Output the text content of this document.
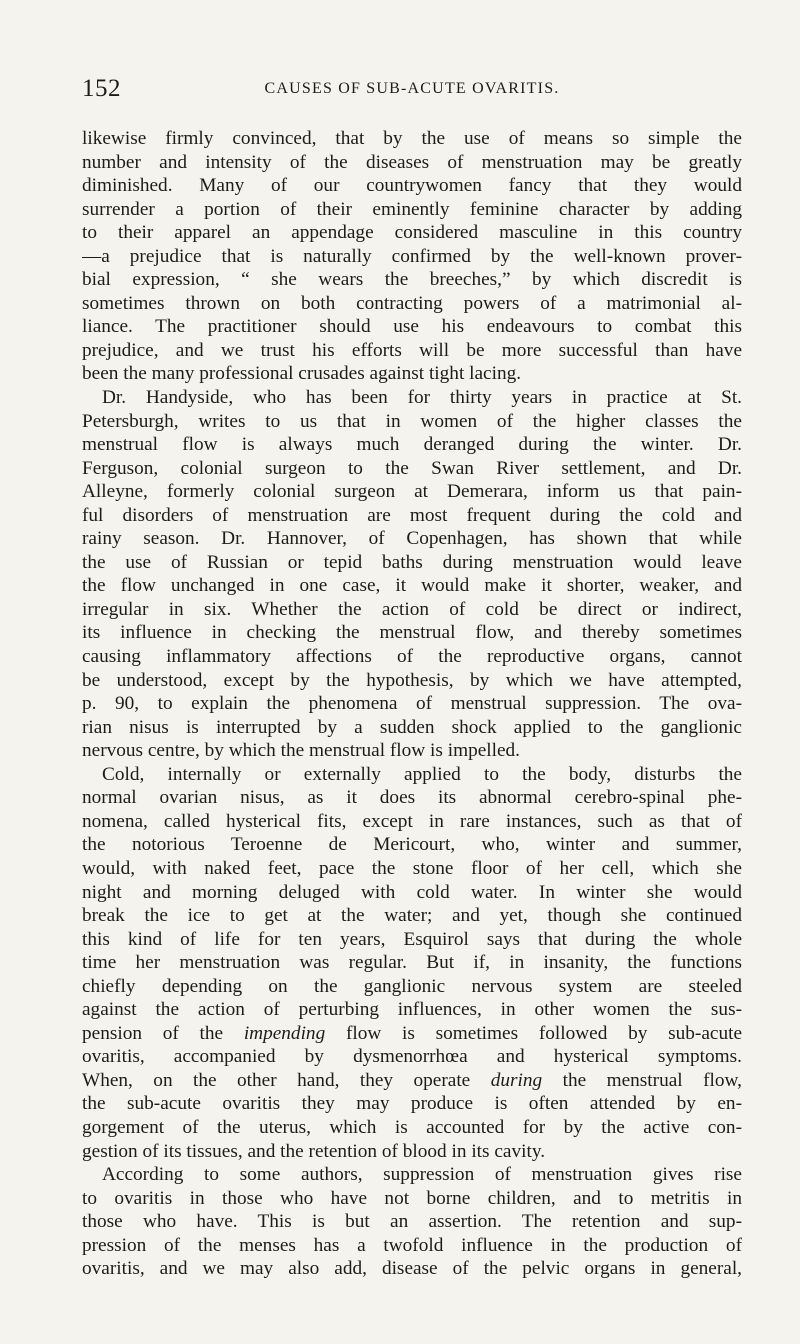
152	CAUSES OF SUB-ACUTE OVARITIS.
likewise firmly convinced, that by the use of means so simple the
number and intensity of the diseases of menstruation may be greatly
diminished. Many of our countrywomen fancy that they would
surrender a portion of their eminently feminine character by adding
to their apparel an appendage considered masculine in this country
—a prejudice that is naturally confirmed by the well-known prover-
bial expression, “ she wears the breeches,” by which discredit is
sometimes thrown on both contracting powers of a matrimonial al-
liance. The practitioner should use his endeavours to combat this
prejudice, and we trust his efforts will be more successful than have
been the many professional crusades against tight lacing.
Dr. Handyside, who has been for thirty years in practice at St.
Petersburgh, writes to us that in women of the higher classes the
menstrual flow is always much deranged during the winter. Dr.
Ferguson, colonial surgeon to the Swan River settlement, and Dr.
Alleyne, formerly colonial surgeon at Demerara, inform us that pain-
ful disorders of menstruation are most frequent during the cold and
rainy season. Dr. Hannover, of Copenhagen, has shown that while
the use of Russian or tepid baths during menstruation would leave
the flow unchanged in one case, it would make it shorter, weaker, and
irregular in six. Whether the action of cold be direct or indirect,
its influence in checking the menstrual flow, and thereby sometimes
causing inflammatory affections of the reproductive organs, cannot
be understood, except by the hypothesis, by which we have attempted,
p. 90, to explain the phenomena of menstrual suppression. The ova-
rian nisus is interrupted by a sudden shock applied to the ganglionic
nervous centre, by which the menstrual flow is impelled.
Cold, internally or externally applied to the body, disturbs the
normal ovarian nisus, as it does its abnormal cerebro-spinal phe-
nomena, called hysterical fits, except in rare instances, such as that of
the notorious Teroenne de Mericourt, who, winter and summer,
would, with naked feet, pace the stone floor of her cell, which she
night and morning deluged with cold water. In winter she would
break the ice to get at the water; and yet, though she continued
this kind of life for ten years, Esquirol says that during the whole
time her menstruation was regular. But if, in insanity, the functions
chiefly depending on the ganglionic nervous system are steeled
against the action of perturbing influences, in other women the sus-
pension of the impending flow is sometimes followed by sub-acute
ovaritis, accompanied by dysmenorrhœa and hysterical symptoms.
When, on the other hand, they operate during the menstrual flow,
the sub-acute ovaritis they may produce is often attended by en-
gorgement of the uterus, which is accounted for by the active con-
gestion of its tissues, and the retention of blood in its cavity.
According to some authors, suppression of menstruation gives rise
to ovaritis in those who have not borne children, and to metritis in
those who have. This is but an assertion. The retention and sup-
pression of the menses has a twofold influence in the production of
ovaritis, and we may also add, disease of the pelvic organs in general,
